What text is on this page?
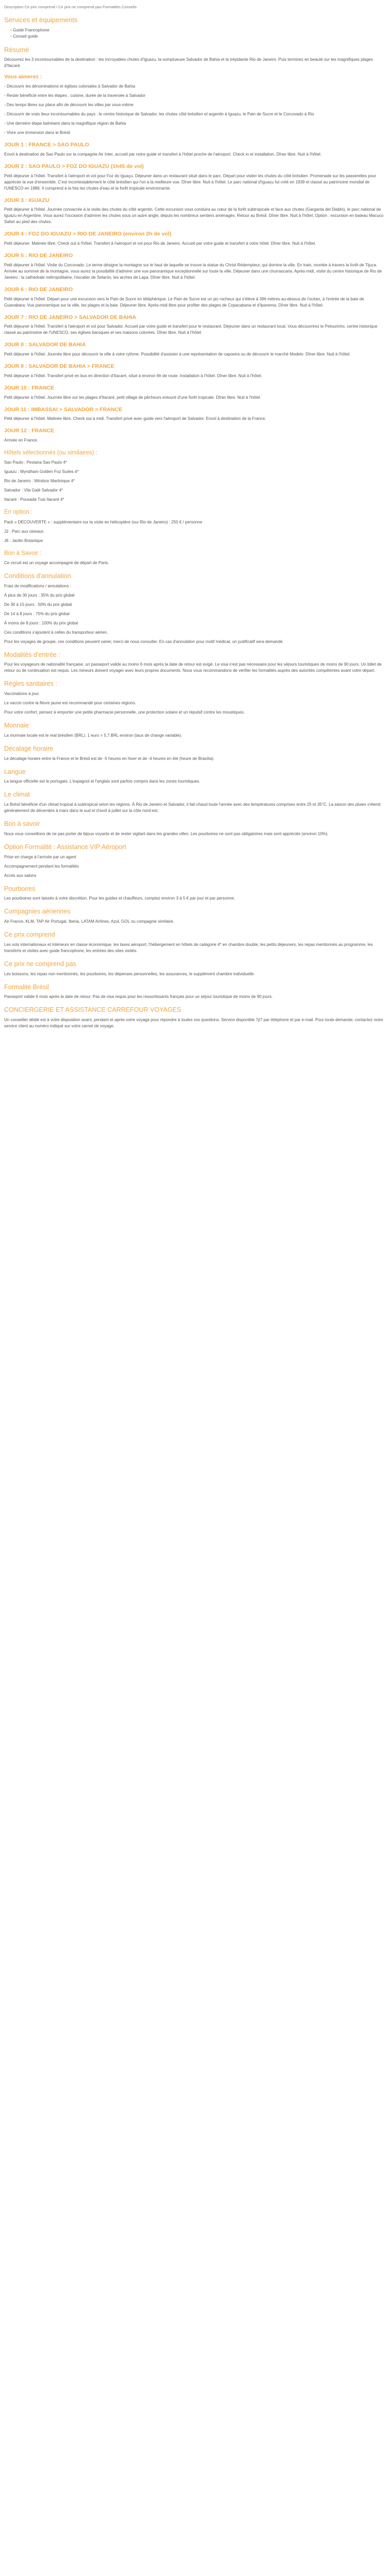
Description Ce prix comprend / Ce prix ne comprend pas Formalités Conseils

Services et équipements
• Guide Francophone
• Conseil guide
Résumé

Découvrez les 3 incontournables de la destination : les incroyables chutes d'Iguazu, la somptueuse Salvador de Bahia et la trépidante Rio de Janeiro. Puis terminez en beauté sur les magnifiques plages d'Itacaré.

Vous aimerez :

- Découvrir les dénominations et églises coloniales à Salvador de Bahia

- Rester bénéficié entre les étapes : cuisine, durée de la traversée à Salvador

- Des temps libres sur place afin de découvrir les villes par vous-même

- Découvrir de vrais lieux incontournables du pays : le centre historique de Salvador, les chutes côté brésilien et argentin à Iguazu, le Pain de Sucre et le Corcovado à Rio

- Une dernière étape balnéaire dans la magnifique région de Bahia

- Vivre une immersion dans le Brésil

JOUR 1 : FRANCE > SAO PAULO

Envol à destination de Sao Paulo sur la compagnie Air Inter, accueil par notre guide et transfert à l'hôtel proche de l'aéroport. Check in et installation. Dîner libre. Nuit à l'hôtel.

JOUR 2 : SAO PAULO > FOZ DO IGUAZU (1h45 de vol)

Petit déjeuner à l'hôtel. Transfert à l'aéroport et vol pour Foz do Iguaçu. Déjeuner dans un restaurant situé dans le parc. Départ pour visiter les chutes du côté brésilien. Promenade sur les passerelles pour apprécier la vue d'ensemble. C'est incontestablement le côté brésilien qui l'on a la meilleure vue. Dîner libre. Nuit à l'hôtel. Le parc national d'Iguaçu fut créé en 1939 et classé au patrimoine mondial de l'UNESCO en 1986. Il comprend à la fois les chutes d'eau et la forêt tropicale environnante.

JOUR 3 : IGUAZU

Petit déjeuner à l'hôtel. Journée consacrée à la visite des chutes du côté argentin. Cette excursion vous conduira au cœur de la forêt subtropicale et face aux chutes (Garganta del Diablo), le parc national de Iguazu en Argentine. Vous aurez l'occasion d'admirer les chutes sous un autre angle, depuis les nombreux sentiers aménagés. Retour au Brésil. Dîner libre. Nuit à l'hôtel. Option : excursion en bateau Macuco Safari au pied des chutes.

JOUR 4 : FOZ DO IGUAZU > RIO DE JANEIRO (environ 2h de vol)

Petit déjeuner. Matinée libre. Check out à l'hôtel. Transfert à l'aéroport et vol pour Rio de Janeiro. Accueil par votre guide et transfert à votre hôtel. Dîner libre. Nuit à l'hôtel.

JOUR 5 : RIO DE JANEIRO

Petit déjeuner à l'hôtel. Visite du Corcovado. Le terme désigne la montagne sur le haut de laquelle se trouve la statue du Christ Rédempteur, qui domine la ville. En train, montée à travers la forêt de Tijuca. Arrivée au sommet de la montagne, vous aurez la possibilité d'admirer une vue panoramique exceptionnelle sur toute la ville. Déjeuner dans une churrascaria. Après-midi, visite du centre historique de Rio de Janeiro : la cathédrale métropolitaine, l'escalier de Selarón, les arches de Lapa. Dîner libre. Nuit à l'hôtel.

JOUR 6 : RIO DE JANEIRO

Petit déjeuner à l'hôtel. Départ pour une excursion vers le Pain de Sucre en téléphérique. Le Pain de Sucre est un pic rocheux qui s'élève à 396 mètres au-dessus de l'océan, à l'entrée de la baie de Guanabara. Vue panoramique sur la ville, les plages et la baie. Déjeuner libre. Après-midi libre pour profiter des plages de Copacabana et d'Ipanema. Dîner libre. Nuit à l'hôtel.

JOUR 7 : RIO DE JANEIRO > SALVADOR DE BAHIA

Petit déjeuner à l'hôtel. Transfert à l'aéroport et vol pour Salvador. Accueil par votre guide et transfert pour le restaurant. Déjeuner dans un restaurant local. Vous découvrirez le Pelourinho, centre historique classé au patrimoine de l'UNESCO, ses églises baroques et ses maisons colorées. Dîner libre. Nuit à l'hôtel.

JOUR 8 : SALVADOR DE BAHIA

Petit déjeuner à l'hôtel. Journée libre pour découvrir la ville à votre rythme. Possibilité d'assister à une représentation de capoeira ou de découvrir le marché Modelo. Dîner libre. Nuit à l'hôtel.

JOUR 9 : SALVADOR DE BAHIA > FRANCE

Petit déjeuner à l'hôtel. Transfert privé en bus en direction d'Itacaré, situé à environ 6h de route. Installation à l'hôtel. Dîner libre. Nuit à l'hôtel.

JOUR 10 : FRANCE

Petit déjeuner à l'hôtel. Journée libre sur les plages d'Itacaré, petit village de pêcheurs entouré d'une forêt tropicale. Dîner libre. Nuit à l'hôtel.

JOUR 11 : IMBASSAI > SALVADOR > FRANCE

Petit déjeuner à l'hôtel. Matinée libre. Check out à midi. Transfert privé avec guide vers l'aéroport de Salvador. Envol à destination de la France.

JOUR 12 : FRANCE

Arrivée en France.

Hôtels sélectionnés (ou similaires) :

Sao Paulo : Pestana Sao Paulo 4*

Iguazu : Wyndham Golden Foz Suites 4*

Rio de Janeiro : Windsor Martinique 4*

Salvador : Vila Galé Salvador 4*

Itacaré : Pousada Txai Itacaré 4*

En option :

Pack « DÉCOUVERTE » : supplémentaire sur la visite en hélicoptère (sur Rio de Janeiro) : 250 € / personne

J2 : Parc aux oiseaux

J6 : Jardin Botanique

Bon à Savoir :

Ce circuit est un voyage accompagné de départ de Paris.

Conditions d'annulation

Frais de modifications / annulations :

À plus de 30 jours : 35% du prix global

De 30 à 15 jours : 50% du prix global

De 14 à 8 jours : 75% du prix global

À moins de 8 jours : 100% du prix global

Ces conditions s'ajoutent à celles du transporteur aérien.

Pour les voyages de groupe, ces conditions peuvent varier, merci de nous consulter. En cas d'annulation pour motif médical, un justificatif sera demandé.

Modalités d'entrée :

Pour les voyageurs de nationalité française, un passeport valide au moins 6 mois après la date de retour est exigé. Le visa n'est pas nécessaire pour les séjours touristiques de moins de 90 jours. Un billet de retour ou de continuation est requis. Les mineurs doivent voyager avec leurs propres documents. Nous vous recommandons de vérifier les formalités auprès des autorités compétentes avant votre départ.

Règles sanitaires :

Vaccinations à jour.

Le vaccin contre la fièvre jaune est recommandé pour certaines régions.

Pour votre confort, pensez à emporter une petite pharmacie personnelle, une protection solaire et un répulsif contre les moustiques.

Monnaie

La monnaie locale est le real brésilien (BRL). 1 euro = 5,7 BRL environ (taux de change variable).

Décalage horaire

Le décalage horaire entre la France et le Brésil est de -5 heures en hiver et de -4 heures en été (heure de Brasília).

Langue

La langue officielle est le portugais. L'espagnol et l'anglais sont parfois compris dans les zones touristiques.

Le climat

Le Brésil bénéficie d'un climat tropical à subtropical selon les régions. À Rio de Janeiro et Salvador, il fait chaud toute l'année avec des températures comprises entre 25 et 35°C. La saison des pluies s'étend généralement de décembre à mars dans le sud et d'avril à juillet sur la côte nord-est.

Bon à savoir

Nous vous conseillons de ne pas porter de bijoux voyants et de rester vigilant dans les grandes villes. Les pourboires ne sont pas obligatoires mais sont appréciés (environ 10%).

Option Formalité : Assistance VIP Aéroport

Prise en charge à l'arrivée par un agent

Accompagnement pendant les formalités

Accès aux salons

Pourboires

Les pourboires sont laissés à votre discrétion. Pour les guides et chauffeurs, comptez environ 3 à 5 € par jour et par personne.

Compagnies aériennes

Air France, KLM, TAP Air Portugal, Iberia, LATAM Airlines, Azul, GOL ou compagnie similaire.

Ce prix comprend

Les vols internationaux et intérieurs en classe économique, les taxes aéroport, l'hébergement en hôtels de catégorie 4* en chambre double, les petits déjeuners, les repas mentionnés au programme, les transferts et visites avec guide francophone, les entrées des sites visités.

Ce prix ne comprend pas

Les boissons, les repas non mentionnés, les pourboires, les dépenses personnelles, les assurances, le supplément chambre individuelle.

Formalité Brésil

Passeport valide 6 mois après la date de retour. Pas de visa requis pour les ressortissants français pour un séjour touristique de moins de 90 jours.

CONCIERGERIE ET ASSISTANCE CARREFOUR VOYAGES

Un conseiller dédié est à votre disposition avant, pendant et après votre voyage pour répondre à toutes vos questions. Service disponible 7j/7 par téléphone et par e-mail. Pour toute demande, contactez notre service client au numéro indiqué sur votre carnet de voyage.
